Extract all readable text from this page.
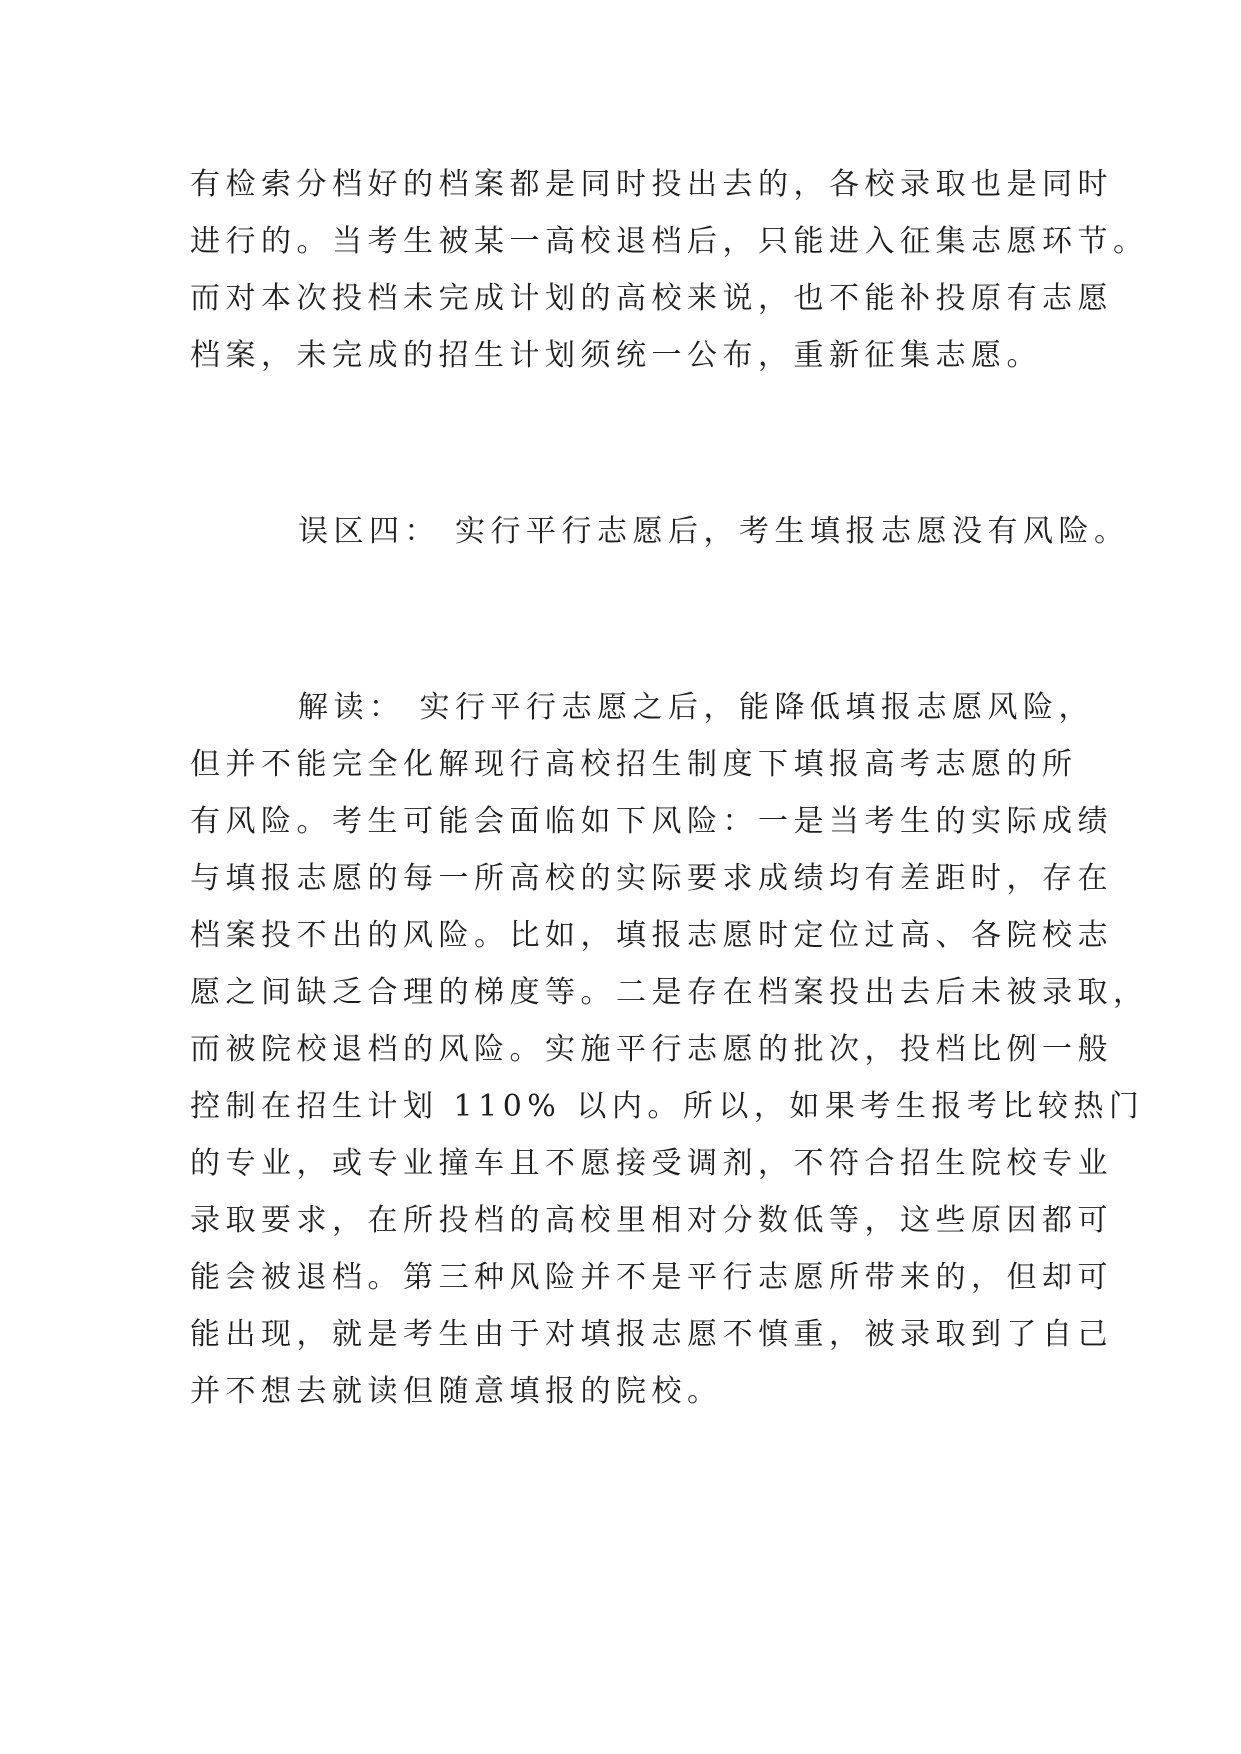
有检索分档好的档案都是同时投出去的，各校录取也是同时
进行的。当考生被某一高校退档后，只能进入征集志愿环节。
而对本次投档未完成计划的高校来说，也不能补投原有志愿
档案，未完成的招生计划须统一公布，重新征集志愿。
误区四： 实行平行志愿后，考生填报志愿没有风险。
解读： 实行平行志愿之后，能降低填报志愿风险，
但并不能完全化解现行高校招生制度下填报高考志愿的所
有风险。考生可能会面临如下风险：一是当考生的实际成绩
与填报志愿的每一所高校的实际要求成绩均有差距时，存在
档案投不出的风险。比如，填报志愿时定位过高、各院校志
愿之间缺乏合理的梯度等。二是存在档案投出去后未被录取，
而被院校退档的风险。实施平行志愿的批次，投档比例一般
控制在招生计划 110% 以内。所以，如果考生报考比较热门
的专业，或专业撞车且不愿接受调剂，不符合招生院校专业
录取要求，在所投档的高校里相对分数低等，这些原因都可
能会被退档。第三种风险并不是平行志愿所带来的，但却可
能出现，就是考生由于对填报志愿不慎重，被录取到了自己
并不想去就读但随意填报的院校。
